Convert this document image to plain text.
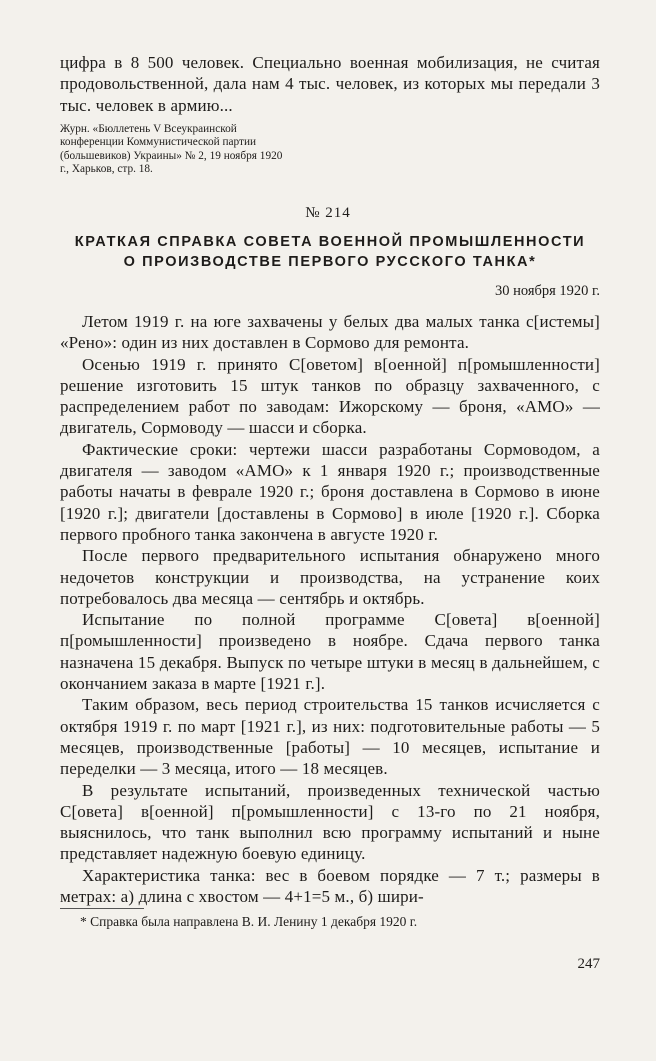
цифра в 8 500 человек. Специально военная мобилизация, не считая продовольственной, дала нам 4 тыс. человек, из которых мы передали 3 тыс. человек в армию...

Журн. «Бюллетень V Всеукраинской конференции Коммунистической партии (большевиков) Украины» № 2, 19 ноября 1920 г., Харьков, стр. 18.

№ 214
КРАТКАЯ СПРАВКА СОВЕТА ВОЕННОЙ ПРОМЫШЛЕННОСТИ
О ПРОИЗВОДСТВЕ ПЕРВОГО РУССКОГО ТАНКА*

30 ноября 1920 г.

Летом 1919 г. на юге захвачены у белых два малых танка с[истемы] «Рено»: один из них доставлен в Сормово для ремонта.

Осенью 1919 г. принято С[оветом] в[оенной] п[ромышленности] решение изготовить 15 штук танков по образцу захваченного, с распределением работ по заводам: Ижорскому — броня, «АМО» — двигатель, Сормоводу — шасси и сборка.

Фактические сроки: чертежи шасси разработаны Сормоводом, а двигателя — заводом «АМО» к 1 января 1920 г.; производственные работы начаты в феврале 1920 г.; броня доставлена в Сормово в июне [1920 г.]; двигатели [доставлены в Сормово] в июле [1920 г.]. Сборка первого пробного танка закончена в августе 1920 г.

После первого предварительного испытания обнаружено много недочетов конструкции и производства, на устранение коих потребовалось два месяца — сентябрь и октябрь.

Испытание по полной программе С[овета] в[оенной] п[ромышленности] произведено в ноябре. Сдача первого танка назначена 15 декабря. Выпуск по четыре штуки в месяц в дальнейшем, с окончанием заказа в марте [1921 г.].

Таким образом, весь период строительства 15 танков исчисляется с октября 1919 г. по март [1921 г.], из них: подготовительные работы — 5 месяцев, производственные [работы] — 10 месяцев, испытание и переделки — 3 месяца, итого — 18 месяцев.

В результате испытаний, произведенных технической частью С[овета] в[оенной] п[ромышленности] с 13-го по 21 ноября, выяснилось, что танк выполнил всю программу испытаний и ныне представляет надежную боевую единицу.

Характеристика танка: вес в боевом порядке — 7 т.; размеры в метрах: а) длина с хвостом — 4+1=5 м., б) шири-

* Справка была направлена В. И. Ленину 1 декабря 1920 г.

247
